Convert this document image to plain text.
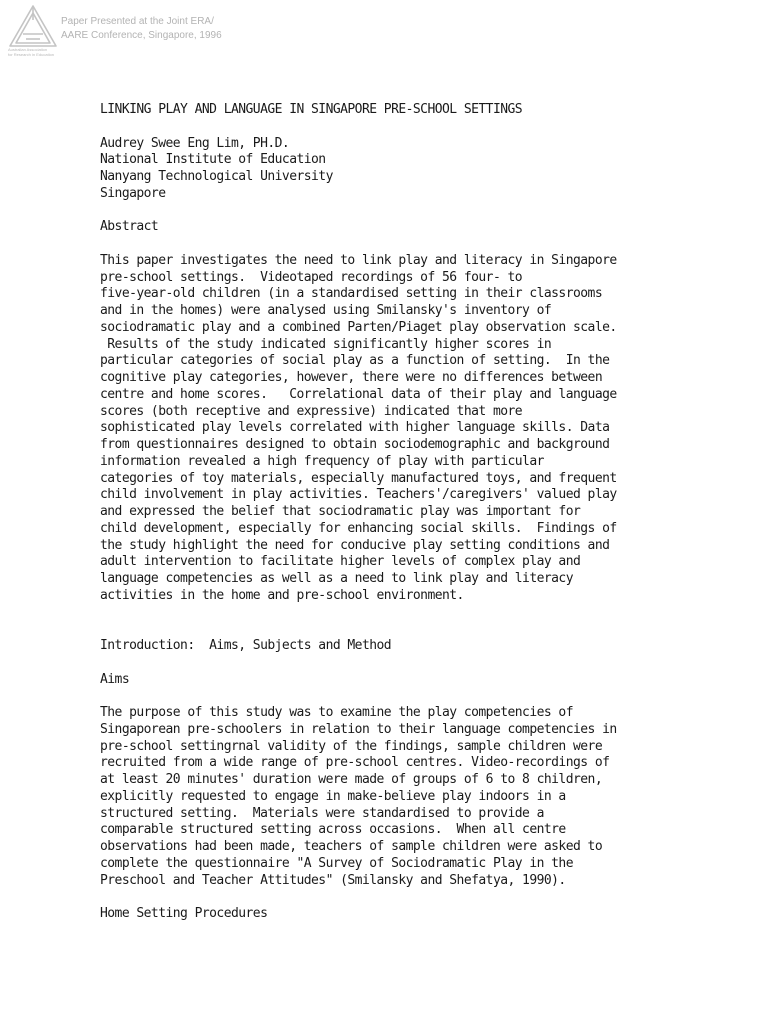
Australian Association
for Research in Education
Paper Presented at the Joint ERA/
AARE Conference, Singapore, 1996
LINKING PLAY AND LANGUAGE IN SINGAPORE PRE-SCHOOL SETTINGS
Audrey Swee Eng Lim, PH.D.
National Institute of Education
Nanyang Technological University
Singapore
Abstract
This paper investigates the need to link play and literacy in Singapore
pre-school settings.  Videotaped recordings of 56 four- to
five-year-old children (in a standardised setting in their classrooms
and in the homes) were analysed using Smilansky's inventory of
sociodramatic play and a combined Parten/Piaget play observation scale.
Results of the study indicated significantly higher scores in
particular categories of social play as a function of setting.  In the
cognitive play categories, however, there were no differences between
centre and home scores.   Correlational data of their play and language
scores (both receptive and expressive) indicated that more
sophisticated play levels correlated with higher language skills. Data
from questionnaires designed to obtain sociodemographic and background
information revealed a high frequency of play with particular
categories of toy materials, especially manufactured toys, and frequent
child involvement in play activities. Teachers'/caregivers' valued play
and expressed the belief that sociodramatic play was important for
child development, especially for enhancing social skills.  Findings of
the study highlight the need for conducive play setting conditions and
adult intervention to facilitate higher levels of complex play and
language competencies as well as a need to link play and literacy
activities in the home and pre-school environment.
Introduction:  Aims, Subjects and Method
Aims
The purpose of this study was to examine the play competencies of
Singaporean pre-schoolers in relation to their language competencies in
pre-school settingrnal validity of the findings, sample children were
recruited from a wide range of pre-school centres. Video-recordings of
at least 20 minutes' duration were made of groups of 6 to 8 children,
explicitly requested to engage in make-believe play indoors in a
structured setting.  Materials were standardised to provide a
comparable structured setting across occasions.  When all centre
observations had been made, teachers of sample children were asked to
complete the questionnaire "A Survey of Sociodramatic Play in the
Preschool and Teacher Attitudes" (Smilansky and Shefatya, 1990).
Home Setting Procedures
